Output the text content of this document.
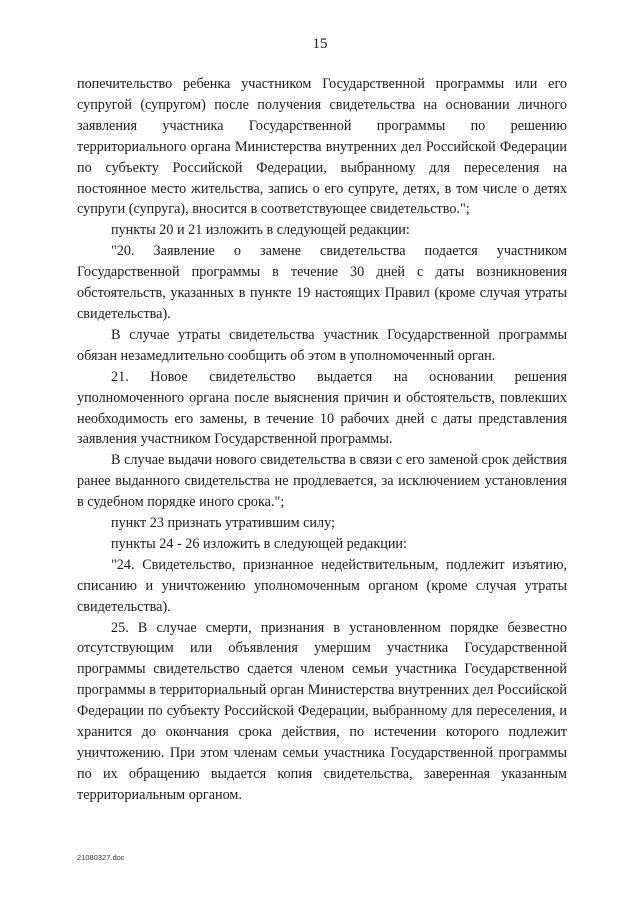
15

попечительство ребенка участником Государственной программы или его супругой (супругом) после получения свидетельства на основании личного заявления участника Государственной программы по решению территориального органа Министерства внутренних дел Российской Федерации по субъекту Российской Федерации, выбранному для переселения на постоянное место жительства, запись о его супруге, детях, в том числе о детях супруги (супруга), вносится в соответствующее свидетельство.";

пункты 20 и 21 изложить в следующей редакции:

"20. Заявление о замене свидетельства подается участником Государственной программы в течение 30 дней с даты возникновения обстоятельств, указанных в пункте 19 настоящих Правил (кроме случая утраты свидетельства).

В случае утраты свидетельства участник Государственной программы обязан незамедлительно сообщить об этом в уполномоченный орган.

21. Новое свидетельство выдается на основании решения уполномоченного органа после выяснения причин и обстоятельств, повлекших необходимость его замены, в течение 10 рабочих дней с даты представления заявления участником Государственной программы.

В случае выдачи нового свидетельства в связи с его заменой срок действия ранее выданного свидетельства не продлевается, за исключением установления в судебном порядке иного срока.";

пункт 23 признать утратившим силу;

пункты 24 - 26 изложить в следующей редакции:

"24. Свидетельство, признанное недействительным, подлежит изъятию, списанию и уничтожению уполномоченным органом (кроме случая утраты свидетельства).

25. В случае смерти, признания в установленном порядке безвестно отсутствующим или объявления умершим участника Государственной программы свидетельство сдается членом семьи участника Государственной программы в территориальный орган Министерства внутренних дел Российской Федерации по субъекту Российской Федерации, выбранному для переселения, и хранится до окончания срока действия, по истечении которого подлежит уничтожению. При этом членам семьи участника Государственной программы по их обращению выдается копия свидетельства, заверенная указанным территориальным органом.

21080327.doc
